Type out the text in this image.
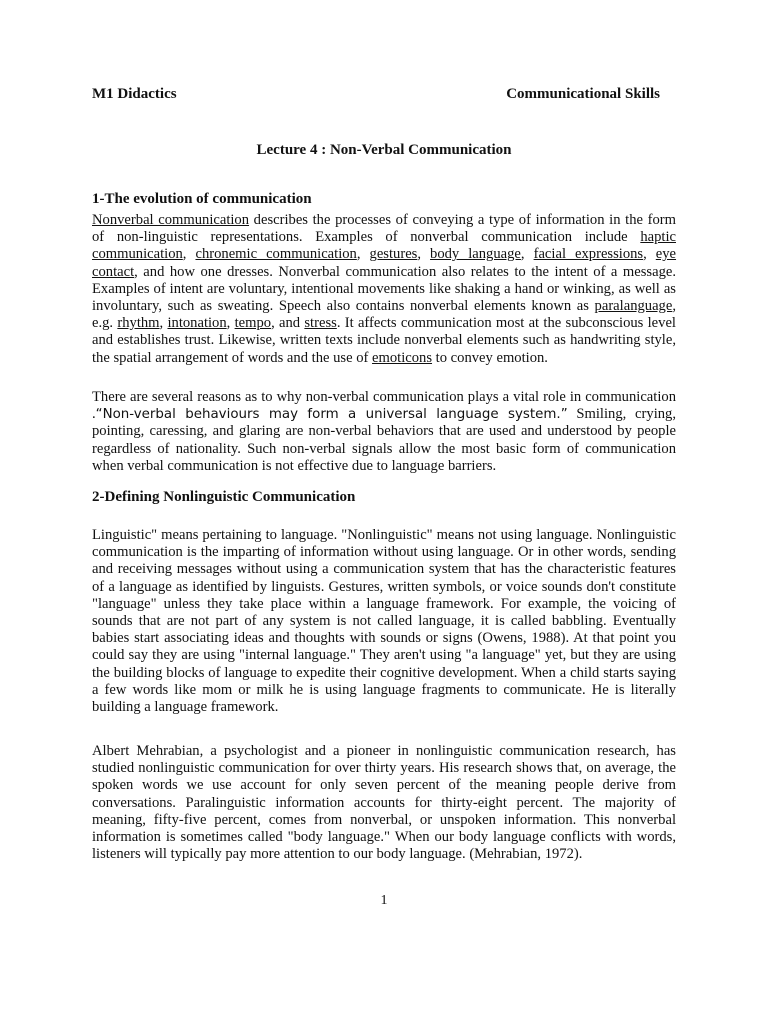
M1 Didactics	Communicational Skills
Lecture 4 : Non-Verbal Communication
1-The evolution of communication

Nonverbal communication describes the processes of conveying a type of information in the form of non-linguistic representations. Examples of nonverbal communication include haptic communication, chronemic communication, gestures, body language, facial expressions, eye contact, and how one dresses. Nonverbal communication also relates to the intent of a message. Examples of intent are voluntary, intentional movements like shaking a hand or winking, as well as involuntary, such as sweating. Speech also contains nonverbal elements known as paralanguage, e.g. rhythm, intonation, tempo, and stress. It affects communication most at the subconscious level and establishes trust. Likewise, written texts include nonverbal elements such as handwriting style, the spatial arrangement of words and the use of emoticons to convey emotion.

There are several reasons as to why non-verbal communication plays a vital role in communication .“Non-verbal behaviours may form a universal language system.” Smiling, crying, pointing, caressing, and glaring are non-verbal behaviors that are used and understood by people regardless of nationality. Such non-verbal signals allow the most basic form of communication when verbal communication is not effective due to language barriers.

2-Defining Nonlinguistic Communication

Linguistic" means pertaining to language. "Nonlinguistic" means not using language. Nonlinguistic communication is the imparting of information without using language. Or in other words, sending and receiving messages without using a communication system that has the characteristic features of a language as identified by linguists. Gestures, written symbols, or voice sounds don't constitute "language" unless they take place within a language framework. For example, the voicing of sounds that are not part of any system is not called language, it is called babbling. Eventually babies start associating ideas and thoughts with sounds or signs (Owens, 1988). At that point you could say they are using "internal language." They aren't using "a language" yet, but they are using the building blocks of language to expedite their cognitive development. When a child starts saying a few words like mom or milk he is using language fragments to communicate. He is literally building a language framework.

Albert Mehrabian, a psychologist and a pioneer in nonlinguistic communication research, has studied nonlinguistic communication for over thirty years. His research shows that, on average, the spoken words we use account for only seven percent of the meaning people derive from conversations. Paralinguistic information accounts for thirty-eight percent. The majority of meaning, fifty-five percent, comes from nonverbal, or unspoken information. This nonverbal information is sometimes called "body language." When our body language conflicts with words, listeners will typically pay more attention to our body language. (Mehrabian, 1972).

1
